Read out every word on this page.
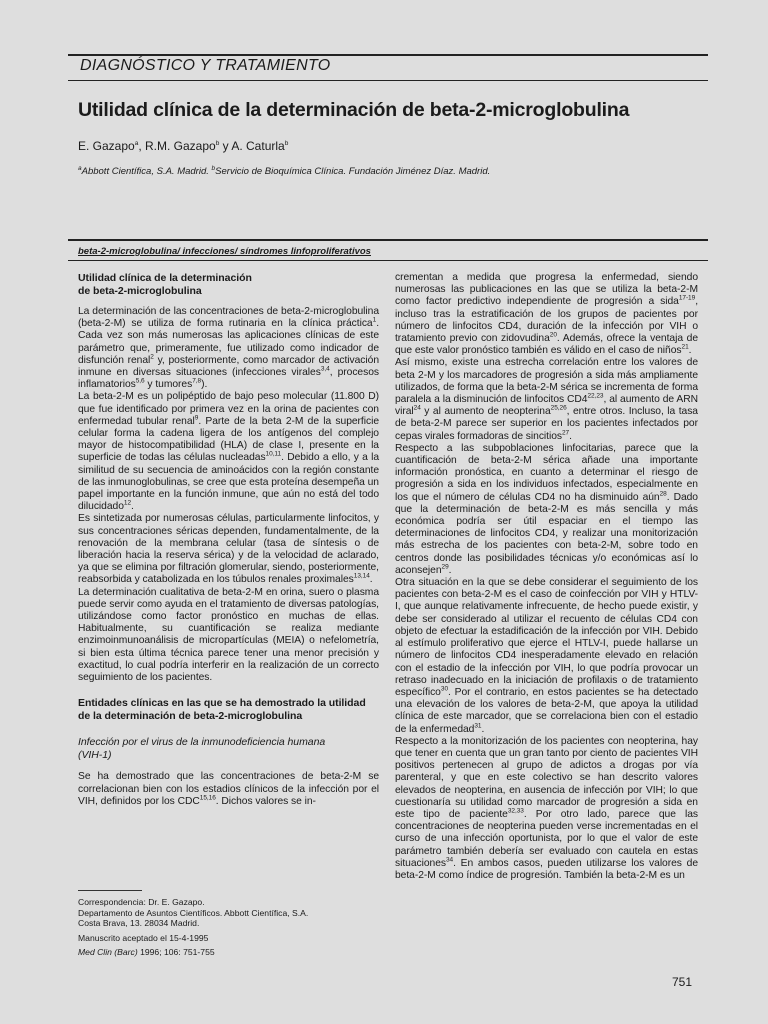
DIAGNÓSTICO Y TRATAMIENTO
Utilidad clínica de la determinación de beta-2-microglobulina
E. Gazapo$^a$, R.M. Gazapo$^b$ y A. Caturla$^b$
$^a$Abbott Científica, S.A. Madrid. $^b$Servicio de Bioquímica Clínica. Fundación Jiménez Díaz. Madrid.
beta-2-microglobulina/ infecciones/ síndromes linfoproliferativos
Utilidad clínica de la determinación
de beta-2-microglobulina

La determinación de las concentraciones de beta-2-microglobulina (beta-2-M) se utiliza de forma rutinaria en la clínica práctica$^1$. Cada vez son más numerosas las aplicaciones clínicas de este parámetro que, primeramente, fue utilizado como indicador de disfunción renal$^2$ y, posteriormente, como marcador de activación inmune en diversas situaciones (infecciones virales$^{3,4}$, procesos inflamatorios$^{5,6}$ y tumores$^{7,8}$).

La beta-2-M es un polipéptido de bajo peso molecular (11.800 D) que fue identificado por primera vez en la orina de pacientes con enfermedad tubular renal$^9$. Parte de la beta 2-M de la superficie celular forma la cadena ligera de los antígenos del complejo mayor de histocompatibilidad (HLA) de clase I, presente en la superficie de todas las células nucleadas$^{10,11}$. Debido a ello, y a la similitud de su secuencia de aminoácidos con la región constante de las inmunoglobulinas, se cree que esta proteína desempeña un papel importante en la función inmune, que aún no está del todo dilucidado$^{12}$.

Es sintetizada por numerosas células, particularmente linfocitos, y sus concentraciones séricas dependen, fundamentalmente, de la renovación de la membrana celular (tasa de síntesis o de liberación hacia la reserva sérica) y de la velocidad de aclarado, ya que se elimina por filtración glomerular, siendo, posteriormente, reabsorbida y catabolizada en los túbulos renales proximales$^{13,14}$.

La determinación cualitativa de beta-2-M en orina, suero o plasma puede servir como ayuda en el tratamiento de diversas patologías, utilizándose como factor pronóstico en muchas de ellas. Habitualmente, su cuantificación se realiza mediante enzimoinmunoanálisis de micropartículas (MEIA) o nefelometría, si bien esta última técnica parece tener una menor precisión y exactitud, lo cual podría interferir en la realización de un correcto seguimiento de los pacientes.

Entidades clínicas en las que se ha demostrado la utilidad
de la determinación de beta-2-microglobulina
Infección por el virus de la inmunodeficiencia humana
(VIH-1)

Se ha demostrado que las concentraciones de beta-2-M se correlacionan bien con los estadios clínicos de la infección por el VIH, definidos por los CDC$^{15,16}$. Dichos valores se in-

crementan a medida que progresa la enfermedad, siendo numerosas las publicaciones en las que se utiliza la beta-2-M como factor predictivo independiente de progresión a sida$^{17-19}$, incluso tras la estratificación de los grupos de pacientes por número de linfocitos CD4, duración de la infección por VIH o tratamiento previo con zidovudina$^{20}$. Además, ofrece la ventaja de que este valor pronóstico también es válido en el caso de niños$^{21}$.

Así mismo, existe una estrecha correlación entre los valores de beta 2-M y los marcadores de progresión a sida más ampliamente utilizados, de forma que la beta-2-M sérica se incrementa de forma paralela a la disminución de linfocitos CD4$^{22,23}$, al aumento de ARN viral$^{24}$ y al aumento de neopterina$^{25,26}$, entre otros. Incluso, la tasa de beta-2-M parece ser superior en los pacientes infectados por cepas virales formadoras de sincitios$^{27}$.

Respecto a las subpoblaciones linfocitarias, parece que la cuantificación de beta-2-M sérica añade una importante información pronóstica, en cuanto a determinar el riesgo de progresión a sida en los individuos infectados, especialmente en los que el número de células CD4 no ha disminuido aún$^{28}$. Dado que la determinación de beta-2-M es más sencilla y más económica podría ser útil espaciar en el tiempo las determinaciones de linfocitos CD4, y realizar una monitorización más estrecha de los pacientes con beta-2-M, sobre todo en centros donde las posibilidades técnicas y/o económicas así lo aconsejen$^{29}$.

Otra situación en la que se debe considerar el seguimiento de los pacientes con beta-2-M es el caso de coinfección por VIH y HTLV-I, que aunque relativamente infrecuente, de hecho puede existir, y debe ser considerado al utilizar el recuento de células CD4 con objeto de efectuar la estadificación de la infección por VIH. Debido al estímulo proliferativo que ejerce el HTLV-I, puede hallarse un número de linfocitos CD4 inesperadamente elevado en relación con el estadio de la infección por VIH, lo que podría provocar un retraso inadecuado en la iniciación de profilaxis o de tratamiento específico$^{30}$. Por el contrario, en estos pacientes se ha detectado una elevación de los valores de beta-2-M, que apoya la utilidad clínica de este marcador, que se correlaciona bien con el estadio de la enfermedad$^{31}$.

Respecto a la monitorización de los pacientes con neopterina, hay que tener en cuenta que un gran tanto por ciento de pacientes VIH positivos pertenecen al grupo de adictos a drogas por vía parenteral, y que en este colectivo se han descrito valores elevados de neopterina, en ausencia de infección por VIH; lo que cuestionaría su utilidad como marcador de progresión a sida en este tipo de paciente$^{32,33}$. Por otro lado, parece que las concentraciones de neopterina pueden verse incrementadas en el curso de una infección oportunista, por lo que el valor de este parámetro también debería ser evaluado con cautela en estas situaciones$^{34}$. En ambos casos, pueden utilizarse los valores de beta-2-M como índice de progresión. También la beta-2-M es un

Correspondencia: Dr. E. Gazapo.
Departamento de Asuntos Científicos. Abbott Científica, S.A.
Costa Brava, 13. 28034 Madrid.
Manuscrito aceptado el 15-4-1995
Med Clin (Barc) 1996; 106: 751-755
751
